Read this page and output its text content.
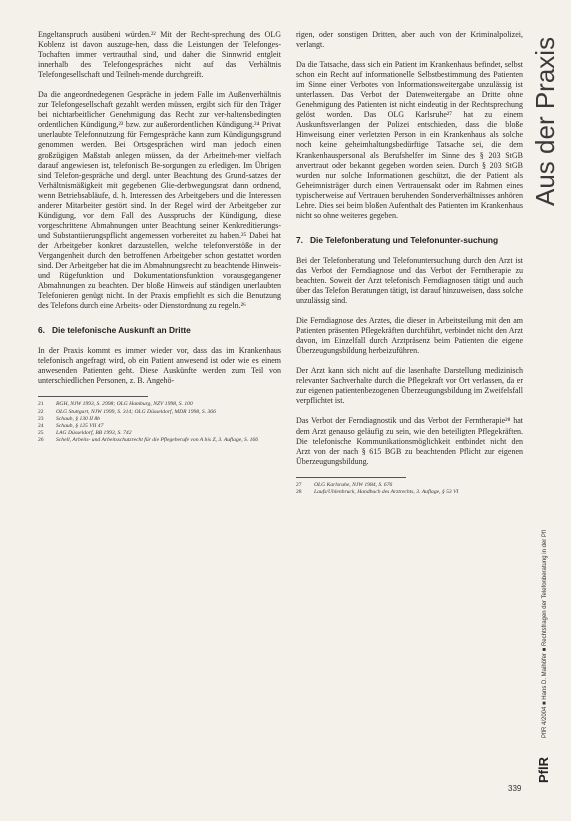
Engeltanspruch ausübeni würden.²² Mit der Recht-sprechung des OLG Koblenz ist davon auszuge-hen, dass die Leistungen der Telefonges-Tochaften immer vertrauthal sind, und daher die Sinnwrid entgleit innerhalb des Telefongespräches nicht auf das Verhältnis Telefongesellschaft und Teilneh-mende durchgreift.

Da die angeordnedegenen Gespräche in jedem Falle im Außenverhältnis zur Telefongesellschaft gezahlt werden müssen, ergibt sich für den Träger bei nichtarbeitlicher Genehmigung das Recht zur ver-haltensbedingten ordentlichen Kündigung,²³ bzw. zur außerordentlichen Kündigung.²⁴ Privat unerlaubte Telefonnutzung für Ferngespräche kann zum Kündigungsgrund genommen werden. Bei Ortsgesprächen wird man jedoch einen großzügigen Maßstab anlegen müssen, da der Arbeitneh-mer vielfach darauf angewiesen ist, telefonisch Be-sorgungen zu erledigen. Im Übrigen sind Telefon-gespräche und dergl. unter Beachtung des Grund-satzes der Verhältnismäßigkeit mit gegebenen Glie-derbwegungsrat dann ordnend, wenn Betriebsabläufe, d. h. Interessen des Arbeitgebers und die Interessen anderer Mitarbeiter gestört sind. In der Regel wird der Arbeitgeber zur Kündigung, vor dem Fall des Ausspruchs der Kündigung, diese vorgeschrittene Abmahnungen unter Beachtung seiner Kenkreditierungs- und Substantiierungspflicht angemessen vorbereitet zu haben.²⁵ Dabei hat der Arbeitgeber konkret darzustellen, welche telefonverstöße in der Vergangenheit durch den betroffenen Arbeitgeber schon gestattet worden sind. Der Arbeitgeber hat die im Abmahnungsrecht zu beachtende Hinweis- und Rügefunktion und Dokumentationsfunktion vorausgegangener Abmahnungen zu beachten. Der bloße Hinweis auf ständigen unerlaubten Telefonieren genügt nicht. In der Praxis empfiehlt es sich die Benutzung des Telefons durch eine Arbeits- oder Dienstordnung zu regeln.²⁶

6. Die telefonische Auskunft an Dritte

In der Praxis kommt es immer wieder vor, dass das im Krankenhaus telefonisch angefragt wird, ob ein Patient anwesend ist oder wie es einem anwesenden Patienten geht. Diese Auskünfte werden zum Teil von unterschiedlichen Personen, z. B. Angehö-

21	BGH, NJW 1993, S. 2998; OLG Hamburg, NZV 1998, S. 100
22	OLG Stuttgart, NJW 1999, S. 314; OLG Düsseldorf, MDR 1998, S. 366
23	Schaub, § 130 II 8b
24	Schaub, § 125 VII 47
25	LAG Düsseldorf, BB 1993, S. 742
26	Schell, Arbeits- und Arbeitsschutzrecht für die Pflegeberufe von A bis Z, 3. Auflage, S. 166

rigen, oder sonstigen Dritten, aber auch von der Kriminalpolizei, verlangt.

Da die Tatsache, dass sich ein Patient im Krankenhaus befindet, selbst schon ein Recht auf informationelle Selbstbestimmung des Patienten im Sinne einer Verbotes von Informationsweitergabe unzulässig ist unterlassen. Das Verbot der Datenweitergabe an Dritte ohne Genehmigung des Patienten ist nicht eindeutig in der Rechtsprechung gelöst worden. Das OLG Karlsruhe²⁷ hat zu einem Auskunftsverlangen der Polizei entschieden, dass die bloße Hinweisung einer verletzten Person in ein Krankenhaus als solche noch keine geheimhaltungsbedürftige Tatsache sei, die dem Krankenhauspersonal als Berufshelfer im Sinne des § 203 StGB anvertraut oder bekannt gegeben worden seien. Durch § 203 StGB wurden nur solche Informationen geschützt, die der Patient als Geheimnisträger durch einen Vertrauensakt oder im Rahmen eines typischerweise auf Vertrauen beruhenden Sonderverhältnisses anhören Lehre. Dies sei beim bloßen Aufenthalt des Patienten im Krankenhaus nicht so ohne weiteres gegeben.

7. Die Telefonberatung und Telefonunter-suchung

Bei der Telefonberatung und Telefonuntersuchung durch den Arzt ist das Verbot der Ferndiagnose und das Verbot der Ferntherapie zu beachten. Soweit der Arzt telefonisch Ferndiagnosen tätigt und auch über das Telefon Beratungen tätigt, ist darauf hinzuweisen, dass solche unzulässig sind.

Die Ferndiagnose des Arztes, die dieser in Arbeitsteilung mit den am Patienten präsenten Pflegekräften durchführt, verbindet nicht den Arzt davon, im Einzelfall durch Arztpräsenz beim Patienten die eigene Überzeugungsbildung herbeizuführen.

Der Arzt kann sich nicht auf die lasenhafte Darstellung medizinisch relevanter Sachverhalte durch die Pflegekraft vor Ort verlassen, da er zur eigenen patientenbezogenen Überzeugungsbildung im Zweifelsfall verpflichtet ist.

Das Verbot der Ferndiagnostik und das Verbot der Ferntherapie²⁸ hat dem Arzt genauso geläufig zu sein, wie den beteiligten Pflegekräften. Die telefonische Kommunikationsmöglichkeit entbindet nicht den Arzt von der nach § 615 BGB zu beachtenden Pflicht zur eigenen Überzeugungsbildung.

27	OLG Karlsruhe, NJW 1984, S. 676
28	Laufs/Uhlenbruck, Handbuch des Arztrechts, 3. Auflage, § 53 VI
Aus der Praxis
PflR 4/2004 ■ Hans D. Maihöfer ■ Rechtsfragen der Telefonberatung in der Pflege
PflR
339
